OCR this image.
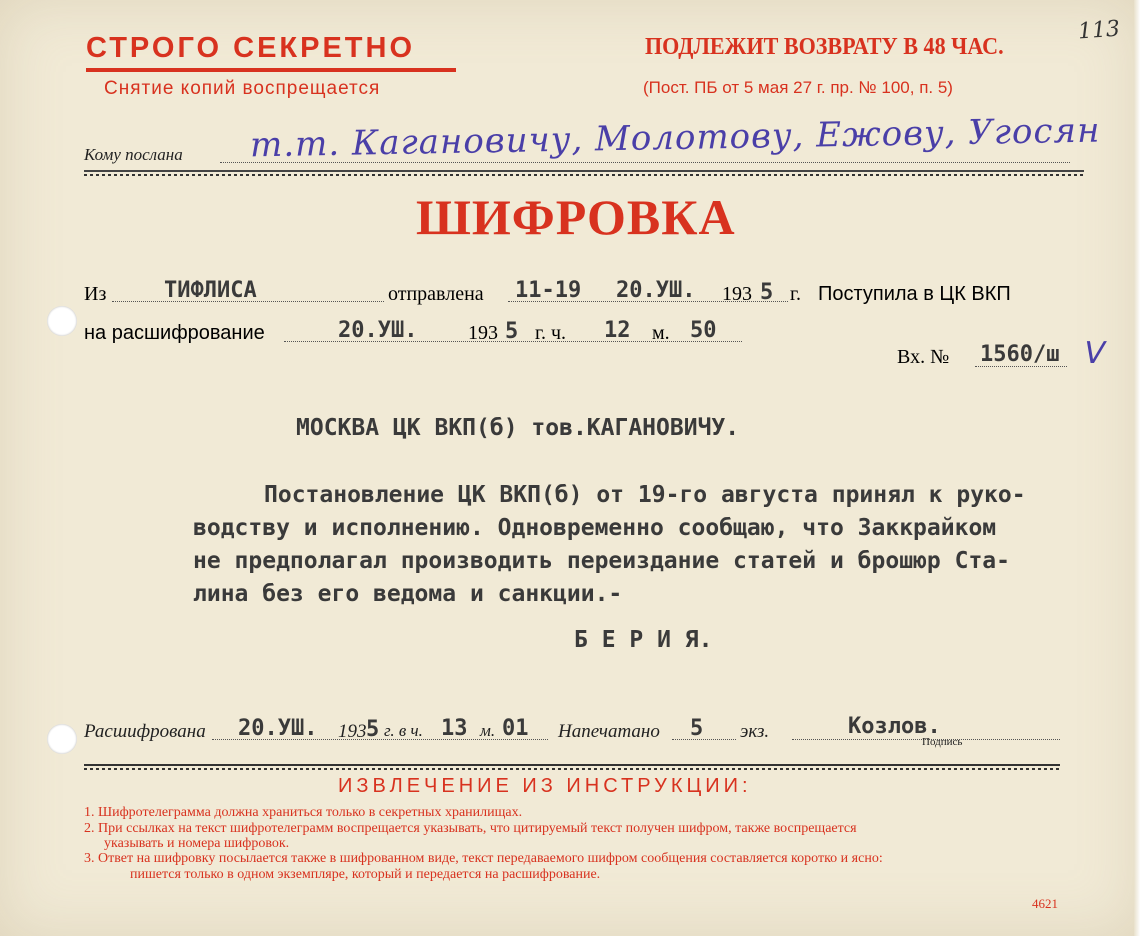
СТРОГО СЕКРЕТНО
Снятие копий воспрещается
ПОДЛЕЖИТ ВОЗВРАТУ В 48 ЧАС.
(Пост. ПБ от 5 мая 27 г. пр. № 100, п. 5)
113
Кому послана т.т. Кагановичу, Молотову, Ежову, Угосян
ШИФРОВКА
Из	ТИФЛИСА	отправлена 11-19 20.УШ. 193 5 г. Поступила в ЦК ВКП
на расшифрование	20.УШ.	193 5 г. ч. 12 м. 50
Вх. № 1560/ш V
МОСКВА ЦК ВКП(б) тов.КАГАНОВИЧУ.
Постановление ЦК ВКП(б) от 19-го августа принял к руко-
водству и исполнению. Одновременно сообщаю, что Заккрайком
не предполагал производить переиздание статей и брошюр Ста-
лина без его ведома и санкции.-
Б Е Р И Я.
Расшифрована 20.УШ. 193 5 г. в ч. 13 м. 01 Напечатано 5 экз.	Козлов.
Подпись
ИЗВЛЕЧЕНИЕ ИЗ ИНСТРУКЦИИ:
1. Шифротелеграмма должна храниться только в секретных хранилищах.
2. При ссылках на текст шифротелеграмм воспрещается указывать, что цитируемый текст получен шифром, также воспрещается
указывать и номера шифровок.
3. Ответ на шифровку посылается также в шифрованном виде, текст передаваемого шифром сообщения составляется коротко и ясно:
пишется только в одном экземпляре, который и передается на расшифрование.
4621
